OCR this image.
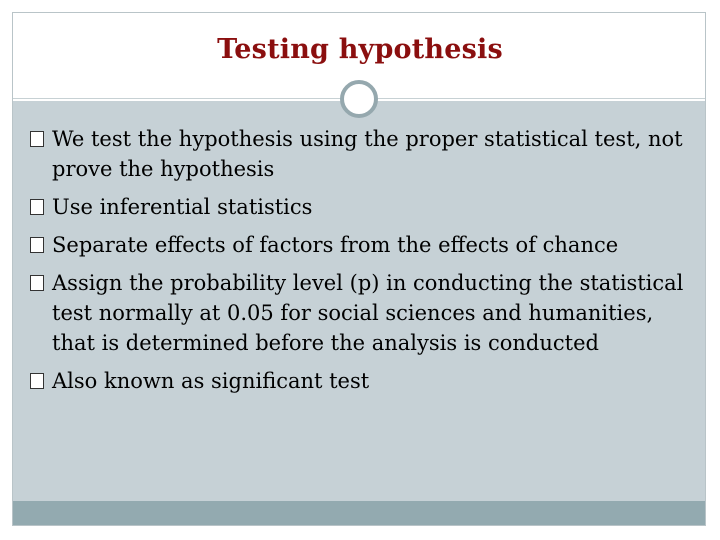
Testing hypothesis
We test the hypothesis using the proper statistical test, not prove the hypothesis
Use inferential statistics
Separate effects of factors from the effects of chance
Assign the probability level (p) in conducting the statistical test normally at 0.05 for social sciences and humanities, that is determined before the analysis is conducted
Also known as significant test
